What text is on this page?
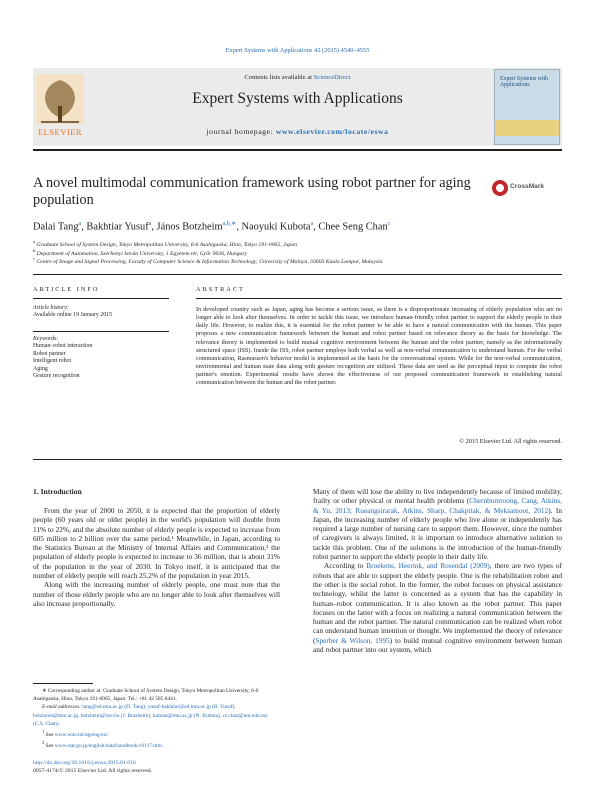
Expert Systems with Applications 42 (2015) 4540–4555
ELSEVIER
Contents lists available at ScienceDirect
Expert Systems with Applications
journal homepage: www.elsevier.com/locate/eswa
Expert Systems with Applications
A novel multimodal communication framework using robot partner for aging population
CrossMark
Dalai Tang$^a$, Bakhtiar Yusuf$^a$, János Botzheim$^{a,b,∗}$, Naoyuki Kubota$^a$, Chee Seng Chan$^c$
$^a$ Graduate School of System Design, Tokyo Metropolitan University, 6-6 Asahigaoka, Hino, Tokyo 191-0065, Japan
$^b$ Department of Automation, Széchenyi István University, 1 Egyetem tér, Győr 9026, Hungary
$^c$ Centre of Image and Signal Processing, Faculty of Computer Science & Information Technology, University of Malaya, 50603 Kuala Lumpur, Malaysia
ARTICLE INFO
Article history:
Available online 19 January 2015
Keywords:
Human–robot interaction
Robot partner
Intelligent robot
Aging
Gesture recognition
ABSTRACT
In developed country such as Japan, aging has become a serious issue, as there is a disproportionate increasing of elderly population who are no longer able to look after themselves. In order to tackle this issue, we introduce human-friendly robot partner to support the elderly people in their daily life. However, to realize this, it is essential for the robot partner to be able to have a natural communication with the human. This paper proposes a new communication framework between the human and robot partner based on relevance theory as the basis for knowledge. The relevance theory is implemented to build mutual cognitive environment between the human and the robot partner, namely as the informationally structured space (ISS). Inside the ISS, robot partner employs both verbal as well as non-verbal communication to understand human. For the verbal communication, Rasmussen's behavior model is implemented as the basis for the conversational system. While for the non-verbal communication, environmental and human state data along with gesture recognition are utilized. These data are used as the perceptual input to compute the robot partner's emotion. Experimental results have shown the effectiveness of our proposed communication framework in establishing natural communication between the human and the robot partner.
© 2015 Elsevier Ltd. All rights reserved.
1. Introduction

From the year of 2000 to 2050, it is expected that the proportion of elderly people (60 years old or older people) in the world's population will double from 11% to 22%, and the absolute number of elderly people is expected to increase from 605 million to 2 billion over the same period.¹ Meanwhile, in Japan, according to the Statistics Bureau at the Ministry of Internal Affairs and Communication,² the population of elderly people is expected to increase to 36 million, that is about 31% of the population in the year of 2030. In Tokyo itself, it is anticipated that the number of elderly people will reach 25.2% of the population in year 2015.

Along with the increasing number of elderly people, one must note that the number of those elderly people who are no longer able to look after themselves will also increase proportionally.

Many of them will lose the ability to live independently because of limited mobility, frailty or other physical or mental health problems (Chernbumroong, Cang, Atkins, & Yu, 2013; Rueangsirarak, Atkins, Sharp, Chakpitak, & Meksamoot, 2012). In Japan, the increasing number of elderly people who live alone or independently has required a large number of nursing care to support them. However, since the number of caregivers is always limited, it is important to introduce alternative solution to tackle this problem. One of the solutions is the introduction of the human-friendly robot partner to support the elderly people in their daily life.

According to Broekens, Heerink, and Rosendal (2009), there are two types of robots that are able to support the elderly people. One is the rehabilitation robot and the other is the social robot. In the former, the robot focuses on physical assistance technology, whilst the latter is concerned as a system that has the capability in human–robot communication. It is also known as the robot partner. This paper focuses on the latter with a focus on realizing a natural communication between the human and the robot partner. The natural communication can be realized when robot can understand human intention or thought. We implemented the theory of relevance (Sperber & Wilson, 1995) to build mutual cognitive environment between human and robot partner into our system, which

∗ Corresponding author at: Graduate School of System Design, Tokyo Metropolitan University, 6-6 Asahigaoka, Hino, Tokyo 191-0065, Japan. Tel.: +81 42 585 8441.
E-mail addresses: tang@ed.tmu.ac.jp (D. Tang), yusuf-bakhtiar@ed.tmu.ac.jp (B. Yusuf), botzheim@tmu.ac.jp, botzheim@sze.hu (J. Botzheim), kubota@tmu.ac.jp (N. Kubota), cs.chan@um.edu.my (C.S. Chan).
$^1$ See www.who.int/ageing/en/.
$^2$ See www.stat.go.jp/english/data/handbook/c0117.htm.
http://dx.doi.org/10.1016/j.eswa.2015.01.016
0957-4174/© 2015 Elsevier Ltd. All rights reserved.
